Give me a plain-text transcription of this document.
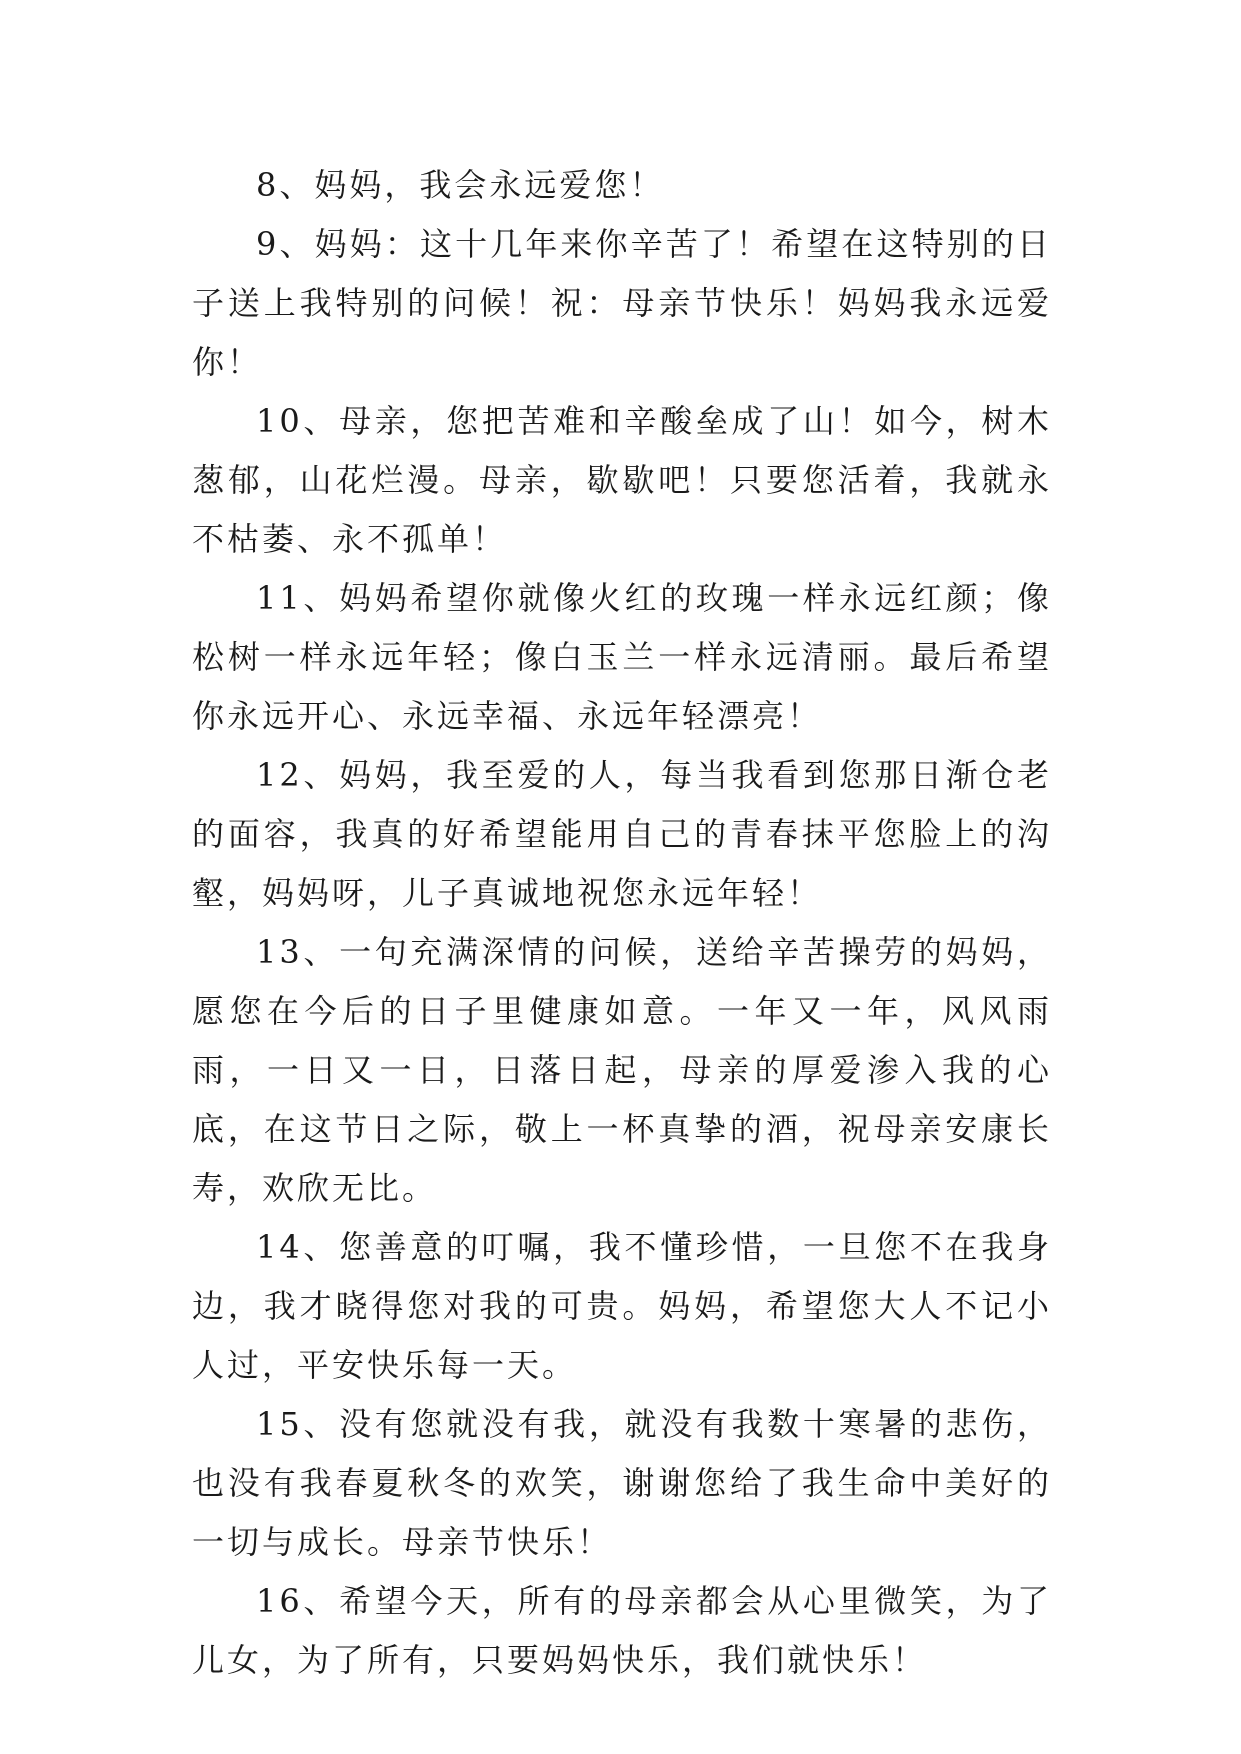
8、妈妈，我会永远爱您！

9、妈妈：这十几年来你辛苦了！希望在这特别的日子送上我特别的问候！祝：母亲节快乐！妈妈我永远爱你！

10、母亲，您把苦难和辛酸垒成了山！如今，树木葱郁，山花烂漫。母亲，歇歇吧！只要您活着，我就永不枯萎、永不孤单！

11、妈妈希望你就像火红的玫瑰一样永远红颜；像松树一样永远年轻；像白玉兰一样永远清丽。最后希望你永远开心、永远幸福、永远年轻漂亮！

12、妈妈，我至爱的人，每当我看到您那日渐仓老的面容，我真的好希望能用自己的青春抹平您脸上的沟壑，妈妈呀，儿子真诚地祝您永远年轻！

13、一句充满深情的问候，送给辛苦操劳的妈妈，愿您在今后的日子里健康如意。一年又一年，风风雨雨，一日又一日，日落日起，母亲的厚爱渗入我的心底，在这节日之际，敬上一杯真挚的酒，祝母亲安康长寿，欢欣无比。

14、您善意的叮嘱，我不懂珍惜，一旦您不在我身边，我才晓得您对我的可贵。妈妈，希望您大人不记小人过，平安快乐每一天。

15、没有您就没有我，就没有我数十寒暑的悲伤，也没有我春夏秋冬的欢笑，谢谢您给了我生命中美好的一切与成长。母亲节快乐！

16、希望今天，所有的母亲都会从心里微笑，为了儿女，为了所有，只要妈妈快乐，我们就快乐！
